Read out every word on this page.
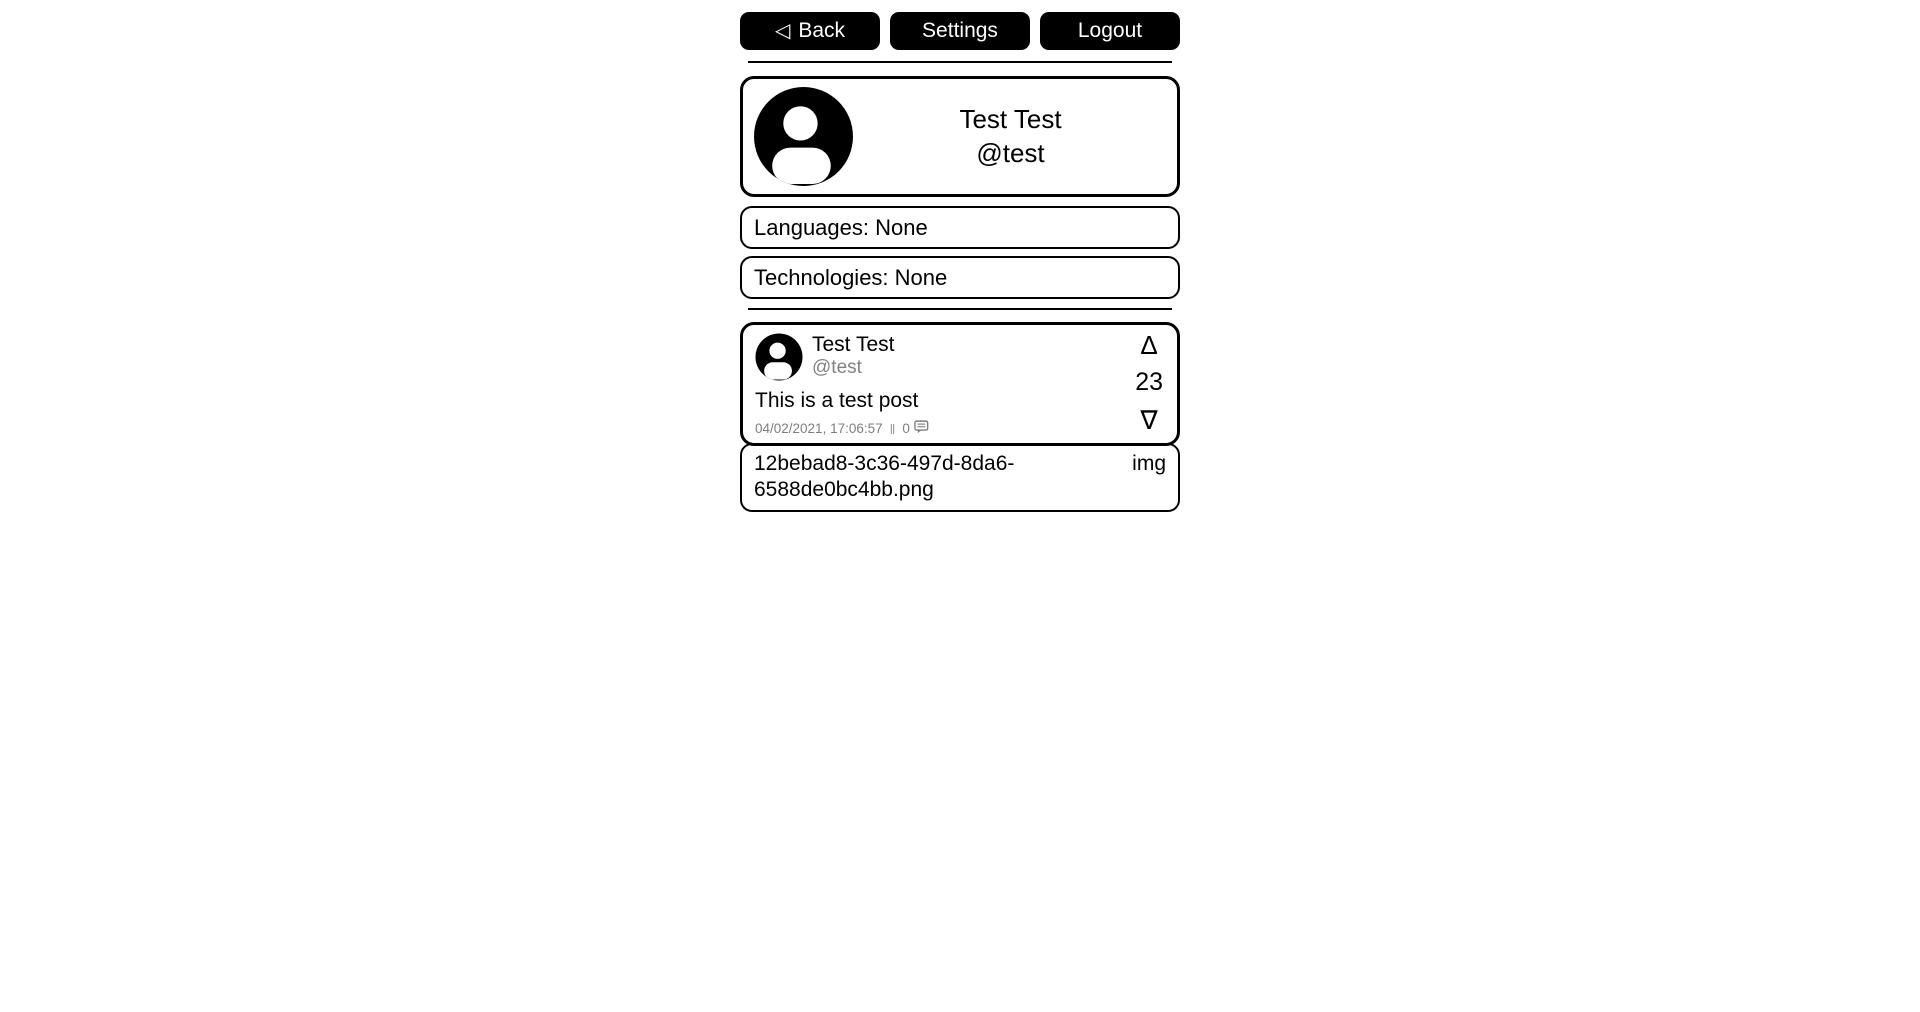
◁ Back	Settings	Logout
Test Test
@test
Languages: None
Technologies: None
Test Test
@test
This is a test post
04/02/2021, 17:06:57 ‖ 0
Δ
23
∇
12bebad8-3c36-497d-8da6-6588de0bc4bb.png
img
